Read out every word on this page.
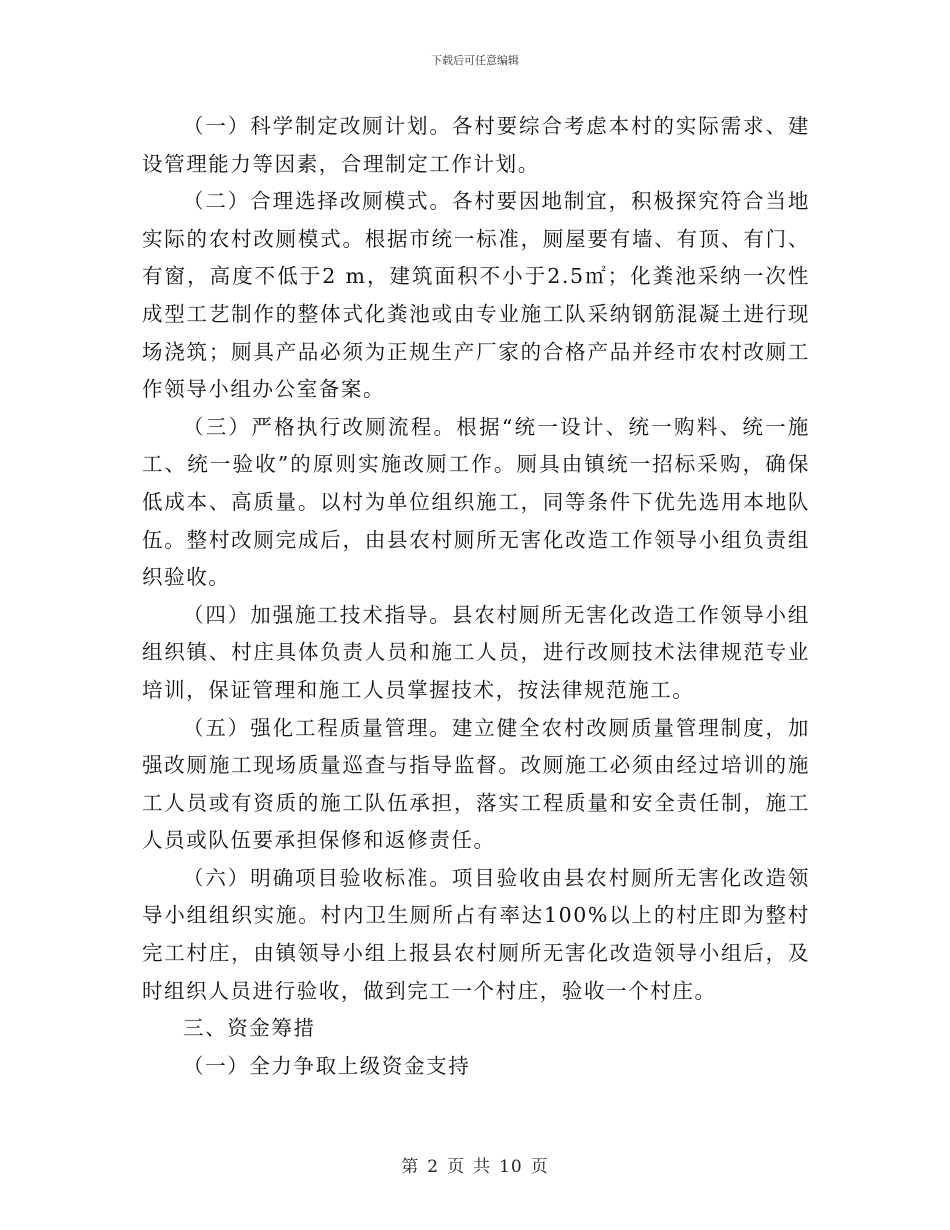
下载后可任意编辑

（一）科学制定改厕计划。各村要综合考虑本村的实际需求、建设管理能力等因素，合理制定工作计划。

（二）合理选择改厕模式。各村要因地制宜，积极探究符合当地实际的农村改厕模式。根据市统一标准，厕屋要有墙、有顶、有门、有窗，高度不低于2 m，建筑面积不小于2.5㎡；化粪池采纳一次性成型工艺制作的整体式化粪池或由专业施工队采纳钢筋混凝土进行现场浇筑；厕具产品必须为正规生产厂家的合格产品并经市农村改厕工作领导小组办公室备案。

（三）严格执行改厕流程。根据“统一设计、统一购料、统一施工、统一验收”的原则实施改厕工作。厕具由镇统一招标采购，确保低成本、高质量。以村为单位组织施工，同等条件下优先选用本地队伍。整村改厕完成后，由县农村厕所无害化改造工作领导小组负责组织验收。

（四）加强施工技术指导。县农村厕所无害化改造工作领导小组组织镇、村庄具体负责人员和施工人员，进行改厕技术法律规范专业培训，保证管理和施工人员掌握技术，按法律规范施工。

（五）强化工程质量管理。建立健全农村改厕质量管理制度，加强改厕施工现场质量巡查与指导监督。改厕施工必须由经过培训的施工人员或有资质的施工队伍承担，落实工程质量和安全责任制，施工人员或队伍要承担保修和返修责任。

（六）明确项目验收标准。项目验收由县农村厕所无害化改造领导小组组织实施。村内卫生厕所占有率达100%以上的村庄即为整村完工村庄，由镇领导小组上报县农村厕所无害化改造领导小组后，及时组织人员进行验收，做到完工一个村庄，验收一个村庄。

三、资金筹措

（一）全力争取上级资金支持

第 2 页 共 10 页
